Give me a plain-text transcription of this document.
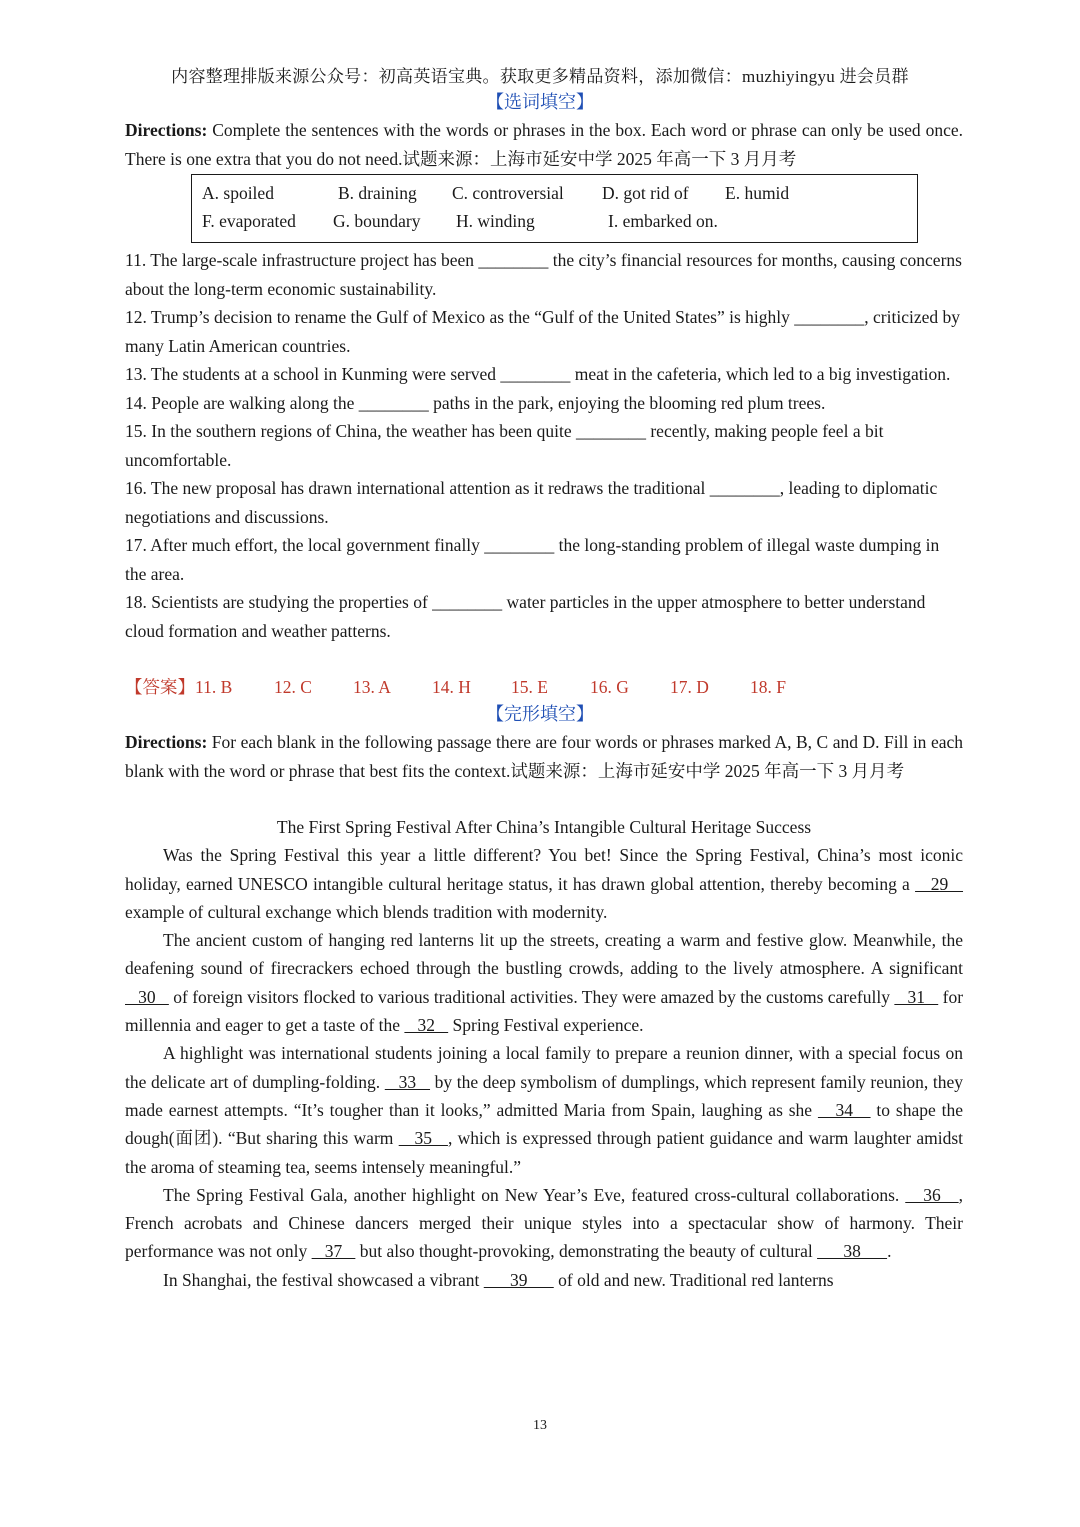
内容整理排版来源公众号：初高英语宝典。获取更多精品资料，添加微信：muzhiyingyu 进会员群
【选词填空】
Directions: Complete the sentences with the words or phrases in the box. Each word or phrase can only be used once. There is one extra that you do not need.试题来源：上海市延安中学 2025 年高一下 3 月月考
A. spoiled	B. draining C. controversial D. got rid of E. humid
F. evaporated G. boundary H. winding	I. embarked on.

11. The large-scale infrastructure project has been ________ the city’s financial resources for months, causing concerns about the long-term economic sustainability.

12. Trump’s decision to rename the Gulf of Mexico as the “Gulf of the United States” is highly ________, criticized by many Latin American countries.

13. The students at a school in Kunming were served ________ meat in the cafeteria, which led to a big investigation.

14. People are walking along the ________ paths in the park, enjoying the blooming red plum trees.

15. In the southern regions of China, the weather has been quite ________ recently, making people feel a bit uncomfortable.

16. The new proposal has drawn international attention as it redraws the traditional ________, leading to diplomatic negotiations and discussions.

17. After much effort, the local government finally ________ the long-standing problem of illegal waste dumping in the area.

18. Scientists are studying the properties of ________ water particles in the upper atmosphere to better understand cloud formation and weather patterns.

【答案】11. B 12. C 13. A 14. H 15. E 16. G 17. D 18. F
【完形填空】
Directions: For each blank in the following passage there are four words or phrases marked A, B, C and D. Fill in each blank with the word or phrase that best fits the context.试题来源：上海市延安中学 2025 年高一下 3 月月考

The First Spring Festival After China’s Intangible Cultural Heritage Success

Was the Spring Festival this year a little different? You bet! Since the Spring Festival, China’s most iconic holiday, earned UNESCO intangible cultural heritage status, it has drawn global attention, thereby becoming a    29    example of cultural exchange which blends tradition with modernity.

The ancient custom of hanging red lanterns lit up the streets, creating a warm and festive glow. Meanwhile, the deafening sound of firecrackers echoed through the bustling crowds, adding to the lively atmosphere. A significant    30    of foreign visitors flocked to various traditional activities. They were amazed by the customs carefully    31    for millennia and eager to get a taste of the    32    Spring Festival experience.

A highlight was international students joining a local family to prepare a reunion dinner, with a special focus on the delicate art of dumpling-folding.    33    by the deep symbolism of dumplings, which represent family reunion, they made earnest attempts. “It’s tougher than it looks,” admitted Maria from Spain, laughing as she    34    to shape the dough(面团). “But sharing this warm    35   , which is expressed through patient guidance and warm laughter amidst the aroma of steaming tea, seems intensely meaningful.”

The Spring Festival Gala, another highlight on New Year’s Eve, featured cross-cultural collaborations.    36   , French acrobats and Chinese dancers merged their unique styles into a spectacular show of harmony. Their performance was not only    37    but also thought-provoking, demonstrating the beauty of cultural       38      .

In Shanghai, the festival showcased a vibrant       39       of old and new. Traditional red lanterns

13
